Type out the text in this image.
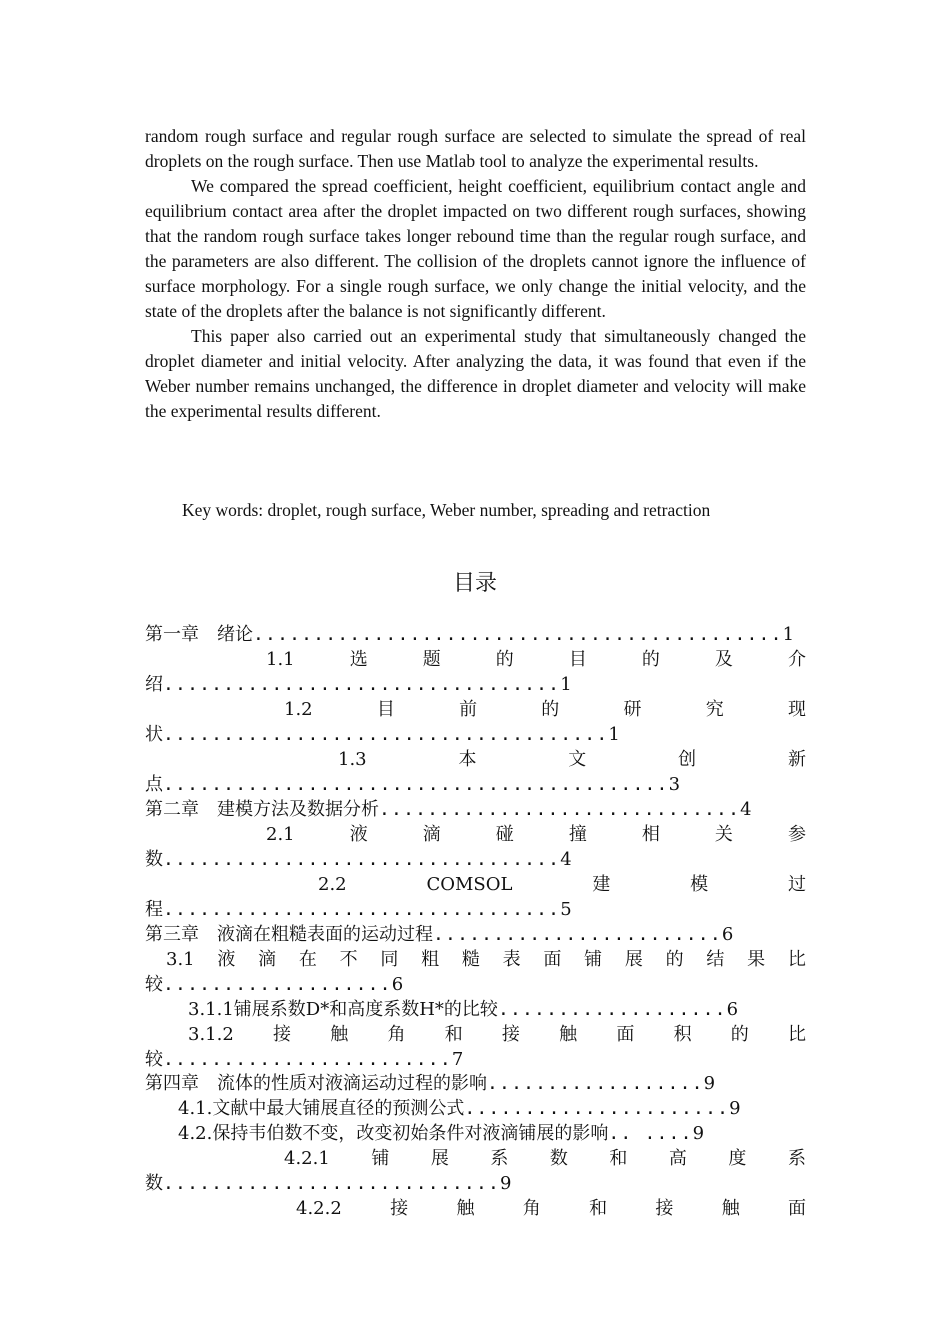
random rough surface and regular rough surface are selected to simulate the spread of real droplets on the rough surface. Then use Matlab tool to analyze the experimental results.

We compared the spread coefficient, height coefficient, equilibrium contact angle and equilibrium contact area after the droplet impacted on two different rough surfaces, showing that the random rough surface takes longer rebound time than the regular rough surface, and the parameters are also different. The collision of the droplets cannot ignore the influence of surface morphology. For a single rough surface, we only change the initial velocity, and the state of the droplets after the balance is not significantly different.

This paper also carried out an experimental study that simultaneously changed the droplet diameter and initial velocity. After analyzing the data, it was found that even if the Weber number remains unchanged, the difference in droplet diameter and velocity will make the experimental results different.

Key words: droplet, rough surface, Weber number, spreading and retraction
目录
第一章　绪论............................................1
1.1	选	题	的	目	的	及	介
绍.................................1
1.2	目	前	的	研	究	现
状.....................................1
1.3	本	文	创	新
点..........................................3
第二章　建模方法及数据分析..............................4
2.1	液	滴	碰	撞	相	关	参
数.................................4
2.2	COMSOL	建	模	过
程.................................5
第三章　液滴在粗糙表面的运动过程........................6
3.1 液 滴 在 不 同 粗 糙 表 面 铺 展 的 结 果 比
较...................6
3.1.1铺展系数D*和高度系数H*的比较...................6
3.1.2 接 触 角 和 接 触 面 积 的 比
较........................7
第四章　流体的性质对液滴运动过程的影响..................9
4.1.文献中最大铺展直径的预测公式......................9
4.2.保持韦伯数不变，改变初始条件对液滴铺展的影响.. ....9
4.2.1 铺 展 系 数 和 高 度 系
数............................9
4.2.2	接	触	角	和	接	触	面
